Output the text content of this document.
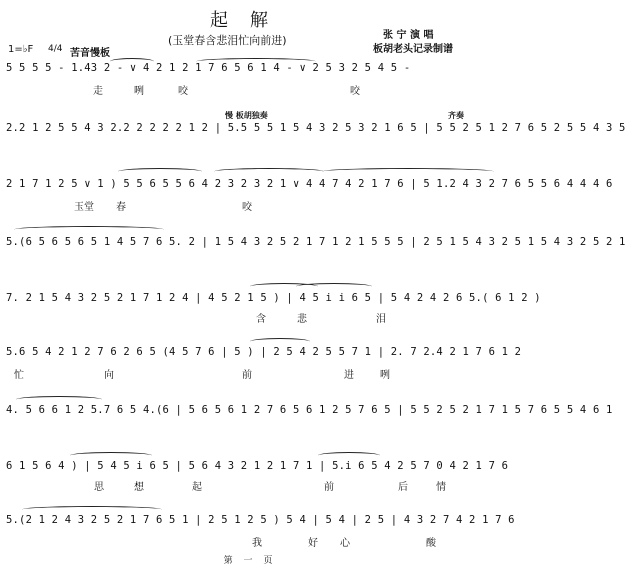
起解
(玉堂春含悲泪忙向前进)	张 宁 演 唱
板胡老头记录制谱
1=♭F 4/4 苦音慢板
5 5 5 5 - 1.43 2 - ∨ 4 2 1 2 1 7 6 5 6 1 4 - ∨ 2 5 3 2 5 4 5 -
走	咧	咬	咬
慢 板胡独奏	齐奏
2.2 1 2 5 5 4 3 2.2 2 2 2 2 1 2 | 5.5 5 5 1 5 4 3 2 5 3 2 1 6 5 | 5 5 2 5 1 2 7 6 5 2 5 5 4 3 5
2 1 7 1 2 5 ∨ 1 ) 5 5 6 5 5 6 4 2 3 2 3 2 1 ∨ 4 4 7 4 2 1 7 6 | 5 1.2 4 3 2 7 6 5 5 6 4 4 4 6
玉堂 春	咬
5.(6 5 6 5 6 5 1 4 5 7 6 5. 2 | 1 5 4 3 2 5 2 1 7 1 2 1 5 5 5 | 2 5 1 5 4 3 2 5 1 5 4 3 2 5 2 1
7. 2 1 5 4 3 2 5 2 1 7 1 2 4 | 4 5 2 1 5 ) | 4 5 i i 6 5 | 5 4 2 4 2 6 5.( 6 1 2 )
含	悲	泪
5.6 5 4 2 1 2 7 6 2 6 5 (4 5 7 6 | 5 ) | 2 5 4 2 5 5 7 1 | 2. 7 2.4 2 1 7 6 1 2
忙	向	前	进	咧
4. 5 6 6 1 2 5.7 6 5 4.(6 | 5 6 5 6 1 2 7 6 5 6 1 2 5 7 6 5 | 5 5 2 5 2 1 7 1 5 7 6 5 5 4 6 1
6 1 5 6 4 ) | 5 4 5 i 6 5 | 5 6 4 3 2 1 2 1 7 1 | 5.i 6 5 4 2 5 7 0 4 2 1 7 6
思	想	起	前	后	情
5.(2 1 2 4 3 2 5 2 1 7 6 5 1 | 2 5 1 2 5 ) 5 4 | 5 4 | 2 5 | 4 3 2 7 4 2 1 7 6
我	好 心	酸
第 一 页
